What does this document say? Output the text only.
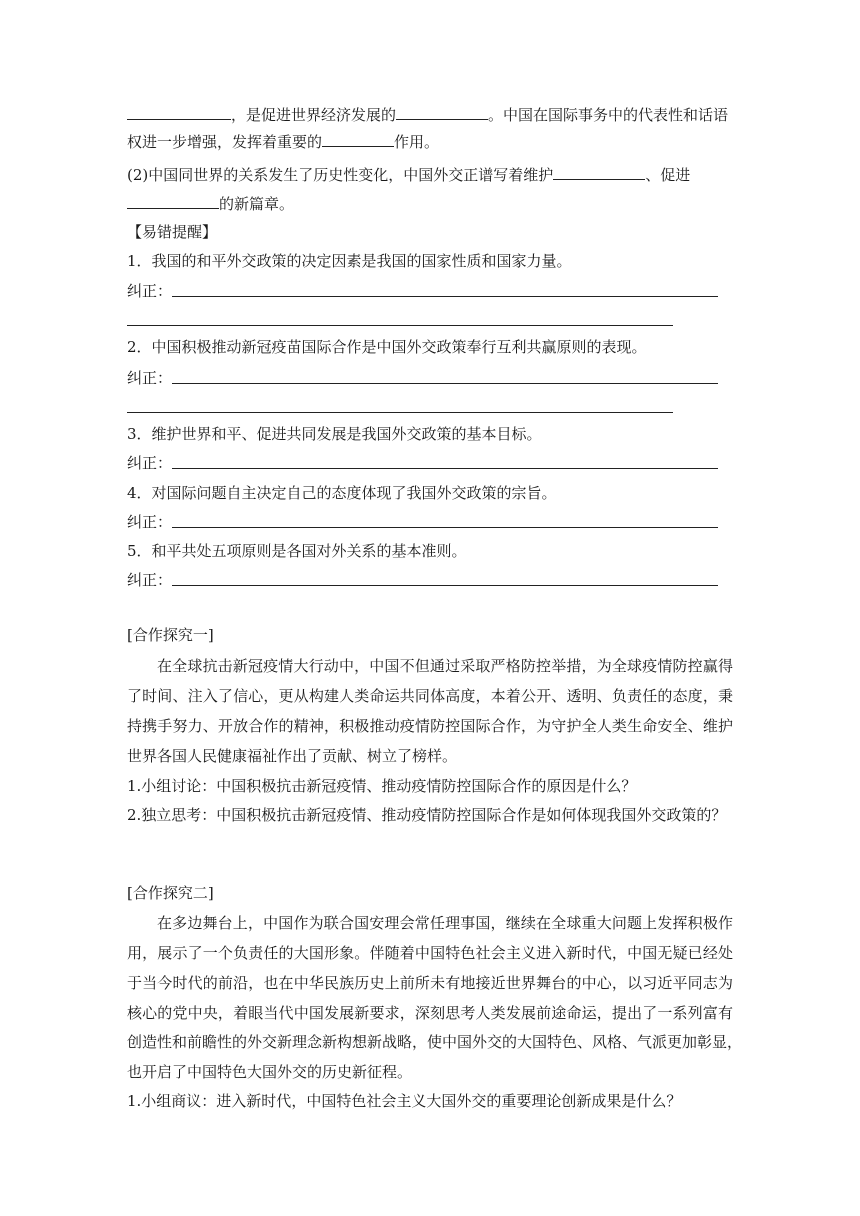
，是促进世界经济发展的	。中国在国际事务中的代表性和话语
权进一步增强，发挥着重要的	作用。
(2)中国同世界的关系发生了历史性变化，中国外交正谱写着维护	、促进
的新篇章。
【易错提醒】
1．我国的和平外交政策的决定因素是我国的国家性质和国家力量。
纠正：
2．中国积极推动新冠疫苗国际合作是中国外交政策奉行互利共赢原则的表现。
纠正：
3．维护世界和平、促进共同发展是我国外交政策的基本目标。
纠正：
4．对国际问题自主决定自己的态度体现了我国外交政策的宗旨。
纠正：
5．和平共处五项原则是各国对外关系的基本准则。
纠正：
[合作探究一]
在全球抗击新冠疫情大行动中，中国不但通过采取严格防控举措，为全球疫情防控赢得
了时间、注入了信心，更从构建人类命运共同体高度，本着公开、透明、负责任的态度，秉
持携手努力、开放合作的精神，积极推动疫情防控国际合作，为守护全人类生命安全、维护
世界各国人民健康福祉作出了贡献、树立了榜样。
1.小组讨论：中国积极抗击新冠疫情、推动疫情防控国际合作的原因是什么？
2.独立思考：中国积极抗击新冠疫情、推动疫情防控国际合作是如何体现我国外交政策的？
[合作探究二]
在多边舞台上，中国作为联合国安理会常任理事国，继续在全球重大问题上发挥积极作
用，展示了一个负责任的大国形象。伴随着中国特色社会主义进入新时代，中国无疑已经处
于当今时代的前沿，也在中华民族历史上前所未有地接近世界舞台的中心，以习近平同志为
核心的党中央，着眼当代中国发展新要求，深刻思考人类发展前途命运，提出了一系列富有
创造性和前瞻性的外交新理念新构想新战略，使中国外交的大国特色、风格、气派更加彰显，
也开启了中国特色大国外交的历史新征程。
1.小组商议：进入新时代，中国特色社会主义大国外交的重要理论创新成果是什么？
